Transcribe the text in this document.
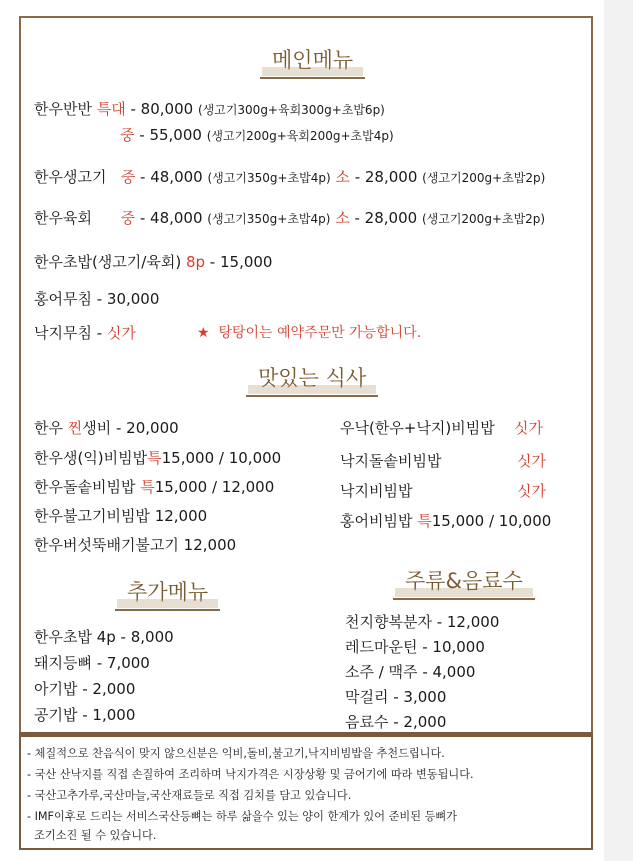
메인메뉴
한우반반 특대 - 80,000 (생고기300g+육회300g+초밥6p)
중 - 55,000 (생고기200g+육회200g+초밥4p)
한우생고기 중 - 48,000 (생고기350g+초밥4p) 소 - 28,000 (생고기200g+초밥2p)
한우육회 중 - 48,000 (생고기350g+초밥4p) 소 - 28,000 (생고기200g+초밥2p)
한우초밥(생고기/육회) 8p - 15,000
홍어무침 - 30,000
낙지무침 - 싯가	★ 탕탕이는 예약주문만 가능합니다.
맛있는 식사
한우 찐생비 - 20,000
한우생(익)비빔밥특15,000 / 10,000
한우돌솥비빔밥 특15,000 / 12,000
한우불고기비빔밥 12,000
한우버섯뚝배기불고기 12,000
우낙(한우+낙지)비빔밥 싯가
낙지돌솥비빔밥	싯가
낙지비빔밥	싯가
홍어비빔밥 특15,000 / 10,000
추가메뉴
한우초밥 4p - 8,000
돼지등뼈 - 7,000
아기밥 - 2,000
공기밥 - 1,000
주류&음료수
천지향복분자 - 12,000
레드마운틴 - 10,000
소주 / 맥주 - 4,000
막걸리 - 3,000
음료수 - 2,000
- 체질적으로 찬음식이 맞지 않으신분은 익비,돌비,불고기,낙지비빔밥을 추천드립니다.
- 국산 산낙지를 직접 손질하여 조리하며 낙지가격은 시장상황 및 금어기에 따라 변동됩니다.
- 국산고추가루,국산마늘,국산재료들로 직접 김치를 담고 있습니다.
- IMF이후로 드리는 서비스국산등뼈는 하루 삶을수 있는 양이 한계가 있어 준비된 등뼈가
조기소진 될 수 있습니다.
